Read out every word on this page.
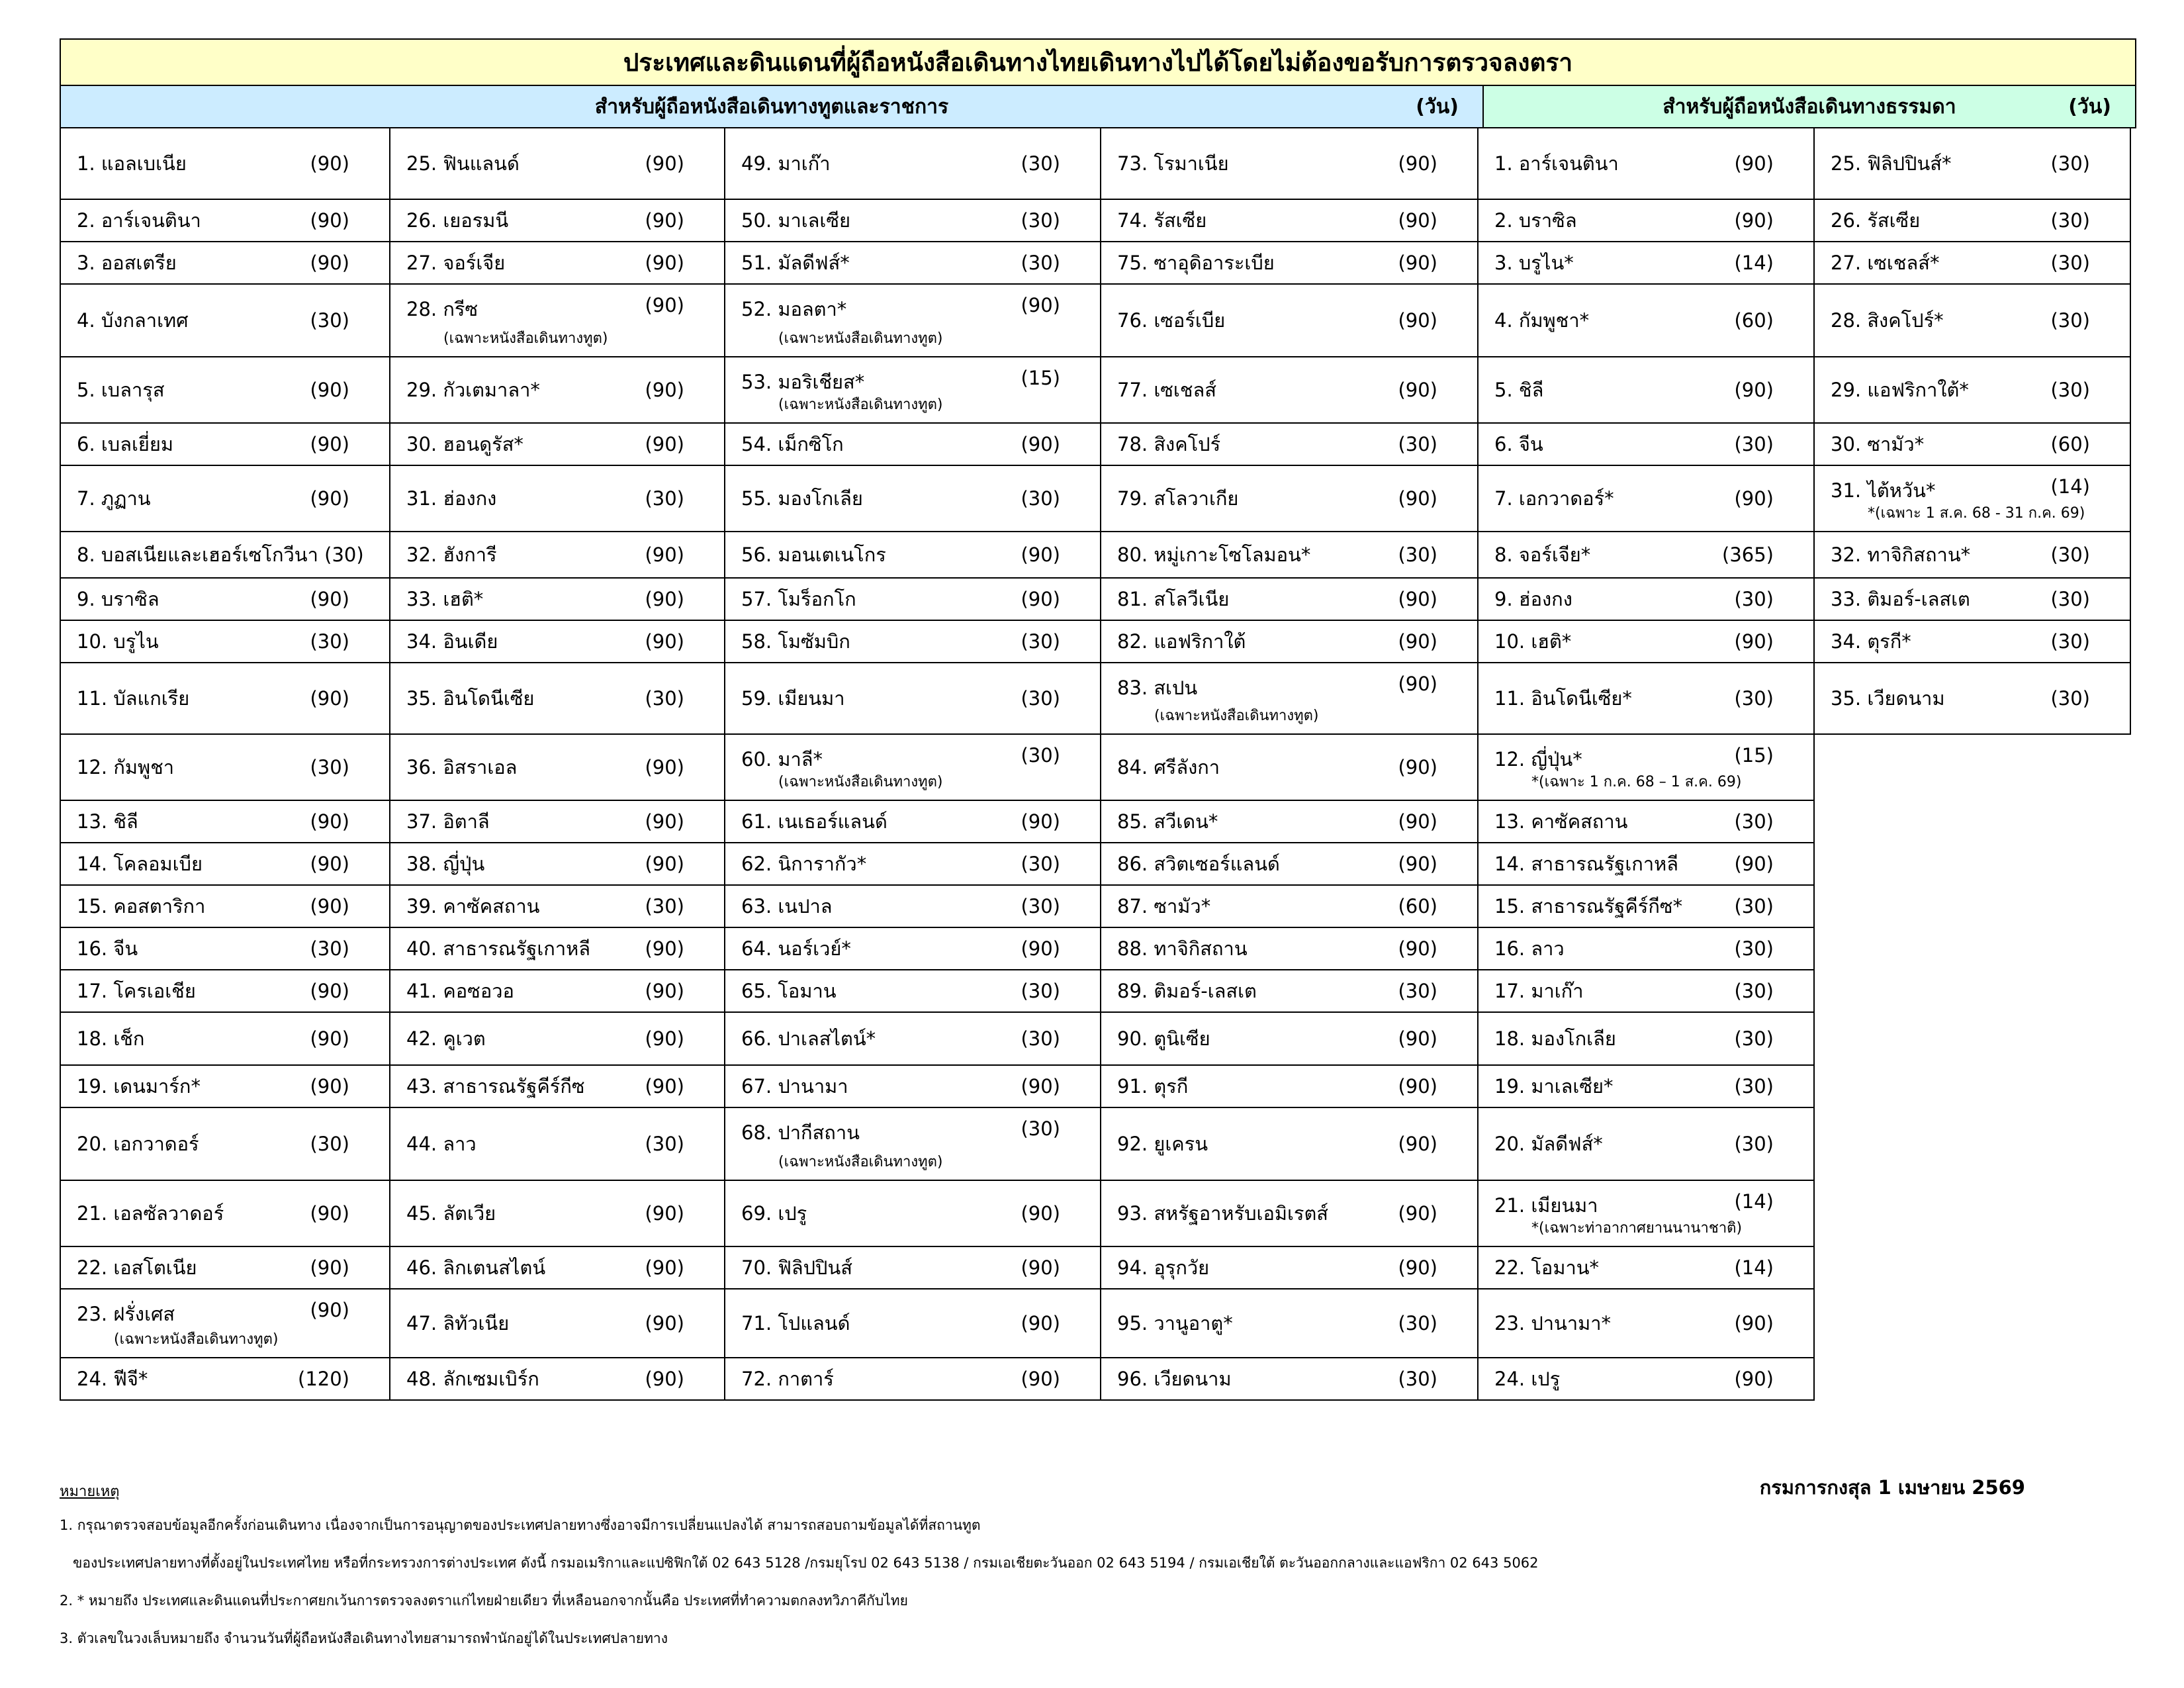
ประเทศและดินแดนที่ผู้ถือหนังสือเดินทางไทยเดินทางไปได้โดยไม่ต้องขอรับการตรวจลงตรา
สำหรับผู้ถือหนังสือเดินทางทูตและราชการ	(วัน)	สำหรับผู้ถือหนังสือเดินทางธรรมดา	(วัน)
1. แอลเบเนีย	(90)
2. อาร์เจนตินา	(90)
3. ออสเตรีย	(90)
4. บังกลาเทศ	(30)
5. เบลารุส	(90)
6. เบลเยี่ยม	(90)
7. ภูฏาน	(90)
8. บอสเนียและเฮอร์เซโกวีนา (30)
9. บราซิล	(90)
10. บรูไน	(30)
11. บัลแกเรีย	(90)
12. กัมพูชา	(30)
13. ชิลี	(90)
14. โคลอมเบีย	(90)
15. คอสตาริกา	(90)
16. จีน	(30)
17. โครเอเชีย	(90)
18. เช็ก	(90)
19. เดนมาร์ก*	(90)
20. เอกวาดอร์	(30)
21. เอลซัลวาดอร์	(90)
22. เอสโตเนีย	(90)
23. ฝรั่งเศส	(90)
(เฉพาะหนังสือเดินทางทูต)
24. ฟีจี*	(120)
25. ฟินแลนด์	(90)
26. เยอรมนี	(90)
27. จอร์เจีย	(90)
28. กรีซ	(90)
(เฉพาะหนังสือเดินทางทูต)
29. กัวเตมาลา*	(90)
30. ฮอนดูรัส*	(90)
31. ฮ่องกง	(30)
32. ฮังการี	(90)
33. เฮติ*	(90)
34. อินเดีย	(90)
35. อินโดนีเซีย	(30)
36. อิสราเอล	(90)
37. อิตาลี	(90)
38. ญี่ปุ่น	(90)
39. คาซัคสถาน	(30)
40. สาธารณรัฐเกาหลี	(90)
41. คอซอวอ	(90)
42. คูเวต	(90)
43. สาธารณรัฐคีร์กีซ	(90)
44. ลาว	(30)
45. ลัตเวีย	(90)
46. ลิกเตนสไตน์	(90)
47. ลิทัวเนีย	(90)
48. ลักเซมเบิร์ก	(90)
49. มาเก๊า	(30)
50. มาเลเซีย	(30)
51. มัลดีฟส์*	(30)
52. มอลตา*	(90)
(เฉพาะหนังสือเดินทางทูต)
53. มอริเชียส*	(15)
(เฉพาะหนังสือเดินทางทูต)
54. เม็กซิโก	(90)
55. มองโกเลีย	(30)
56. มอนเตเนโกร	(90)
57. โมร็อกโก	(90)
58. โมซัมบิก	(30)
59. เมียนมา	(30)
60. มาลี*	(30)
(เฉพาะหนังสือเดินทางทูต)
61. เนเธอร์แลนด์	(90)
62. นิการากัว*	(30)
63. เนปาล	(30)
64. นอร์เวย์*	(90)
65. โอมาน	(30)
66. ปาเลสไตน์*	(30)
67. ปานามา	(90)
68. ปากีสถาน	(30)
(เฉพาะหนังสือเดินทางทูต)
69. เปรู	(90)
70. ฟิลิปปินส์	(90)
71. โปแลนด์	(90)
72. กาตาร์	(90)
73. โรมาเนีย	(90)
74. รัสเซีย	(90)
75. ซาอุดิอาระเบีย	(90)
76. เซอร์เบีย	(90)
77. เซเชลส์	(90)
78. สิงคโปร์	(30)
79. สโลวาเกีย	(90)
80. หมู่เกาะโซโลมอน*	(30)
81. สโลวีเนีย	(90)
82. แอฟริกาใต้	(90)
83. สเปน	(90)
(เฉพาะหนังสือเดินทางทูต)
84. ศรีลังกา	(90)
85. สวีเดน*	(90)
86. สวิตเซอร์แลนด์	(90)
87. ซามัว*	(60)
88. ทาจิกิสถาน	(90)
89. ติมอร์-เลสเต	(30)
90. ตูนิเซีย	(90)
91. ตุรกี	(90)
92. ยูเครน	(90)
93. สหรัฐอาหรับเอมิเรตส์	(90)
94. อุรุกวัย	(90)
95. วานูอาตู*	(30)
96. เวียดนาม	(30)
1. อาร์เจนตินา	(90)
2. บราซิล	(90)
3. บรูไน*	(14)
4. กัมพูชา*	(60)
5. ชิลี	(90)
6. จีน	(30)
7. เอกวาดอร์*	(90)
8. จอร์เจีย*	(365)
9. ฮ่องกง	(30)
10. เฮติ*	(90)
11. อินโดนีเซีย*	(30)
12. ญี่ปุ่น*	(15)
*(เฉพาะ 1 ก.ค. 68 – 1 ส.ค. 69)
13. คาซัคสถาน	(30)
14. สาธารณรัฐเกาหลี	(90)
15. สาธารณรัฐคีร์กีซ*	(30)
16. ลาว	(30)
17. มาเก๊า	(30)
18. มองโกเลีย	(30)
19. มาเลเซีย*	(30)
20. มัลดีฟส์*	(30)
21. เมียนมา	(14)
*(เฉพาะท่าอากาศยานนานาชาติ)
22. โอมาน*	(14)
23. ปานามา*	(90)
24. เปรู	(90)
25. ฟิลิปปินส์*	(30)
26. รัสเซีย	(30)
27. เซเชลส์*	(30)
28. สิงคโปร์*	(30)
29. แอฟริกาใต้*	(30)
30. ซามัว*	(60)
31. ไต้หวัน*	(14)
*(เฉพาะ 1 ส.ค. 68 - 31 ก.ค. 69)
32. ทาจิกิสถาน*	(30)
33. ติมอร์-เลสเต	(30)
34. ตุรกี*	(30)
35. เวียดนาม	(30)
กรมการกงสุล 1 เมษายน 2569
หมายเหตุ

1. กรุณาตรวจสอบข้อมูลอีกครั้งก่อนเดินทาง เนื่องจากเป็นการอนุญาตของประเทศปลายทางซึ่งอาจมีการเปลี่ยนแปลงได้ สามารถสอบถามข้อมูลได้ที่สถานทูต

ของประเทศปลายทางที่ตั้งอยู่ในประเทศไทย หรือที่กระทรวงการต่างประเทศ ดังนี้ กรมอเมริกาและแปซิฟิกใต้ 02 643 5128 /กรมยุโรป 02 643 5138 / กรมเอเชียตะวันออก 02 643 5194 / กรมเอเชียใต้ ตะวันออกกลางและแอฟริกา 02 643 5062

2. * หมายถึง ประเทศและดินแดนที่ประกาศยกเว้นการตรวจลงตราแก่ไทยฝ่ายเดียว ที่เหลือนอกจากนั้นคือ ประเทศที่ทำความตกลงทวิภาคีกับไทย

3. ตัวเลขในวงเล็บหมายถึง จำนวนวันที่ผู้ถือหนังสือเดินทางไทยสามารถพำนักอยู่ได้ในประเทศปลายทาง
